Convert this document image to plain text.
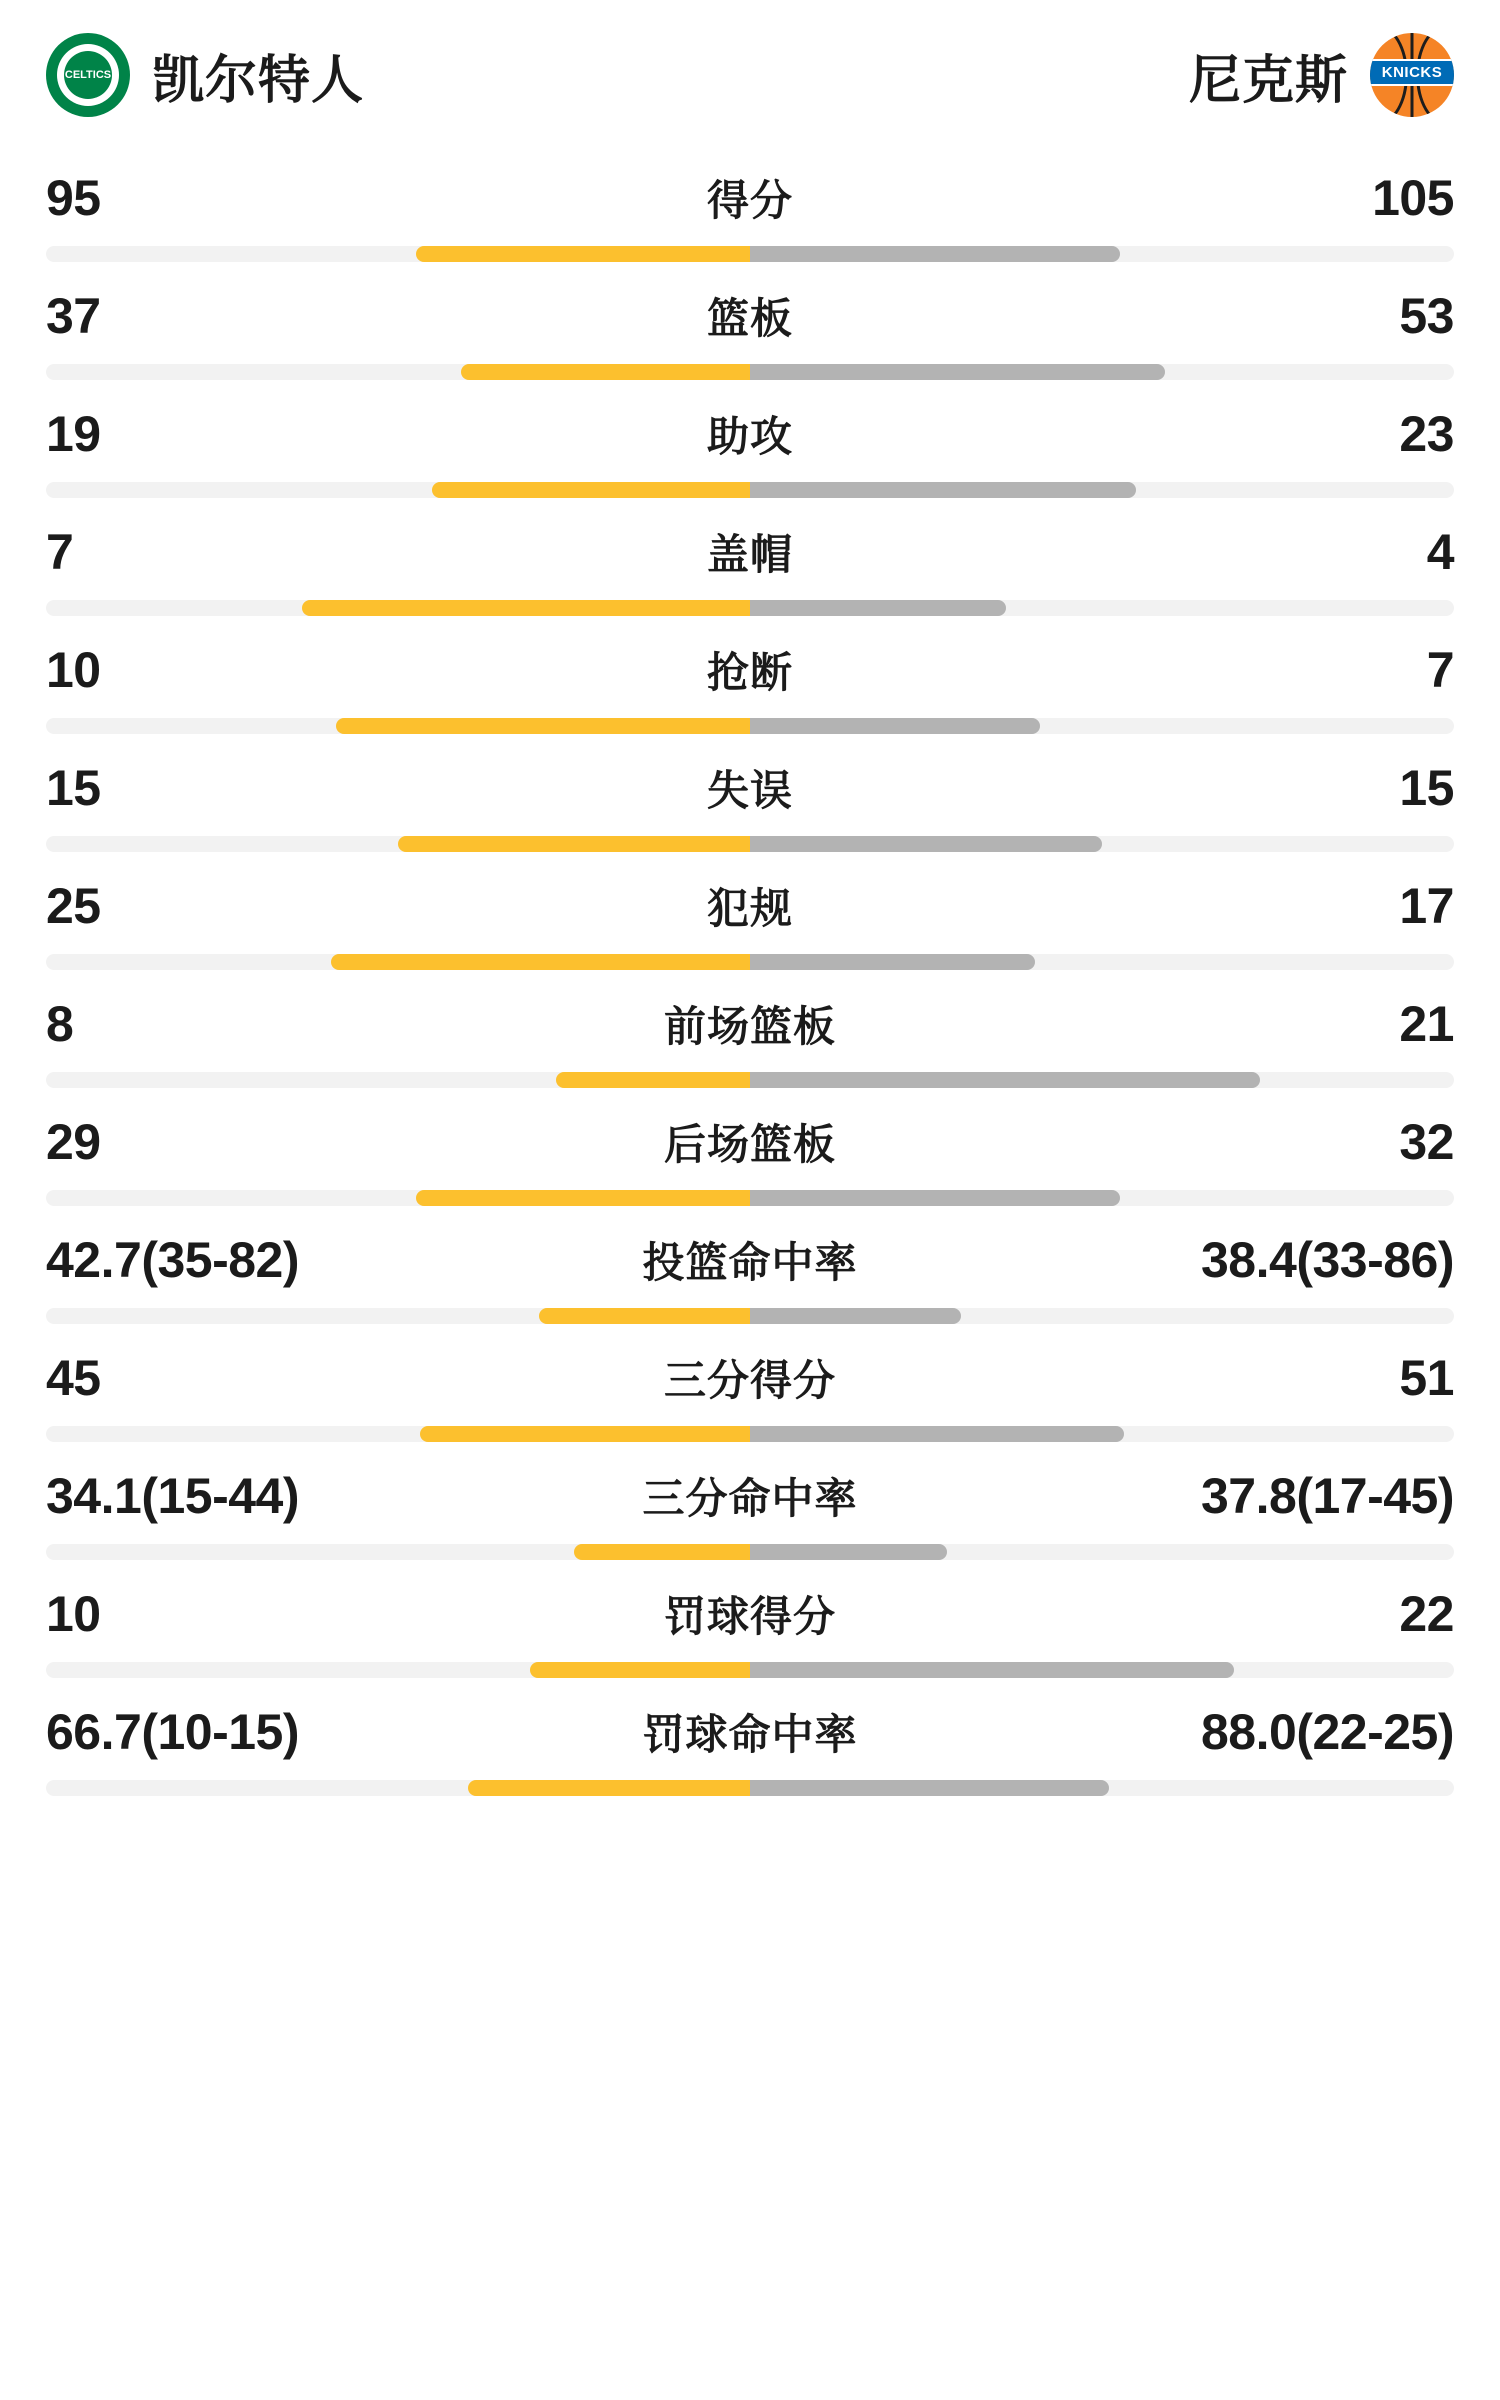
CELTICS 凯尔特人	尼克斯	KNICKS
95	得分	105
37	篮板	53
19	助攻	23
7	盖帽	4
10	抢断	7
15	失误	15
25	犯规	17
8	前场篮板	21
29	后场篮板	32
42.7(35-82)	投篮命中率	38.4(33-86)
45	三分得分	51
34.1(15-44)	三分命中率	37.8(17-45)
10	罚球得分	22
66.7(10-15)	罚球命中率	88.0(22-25)
